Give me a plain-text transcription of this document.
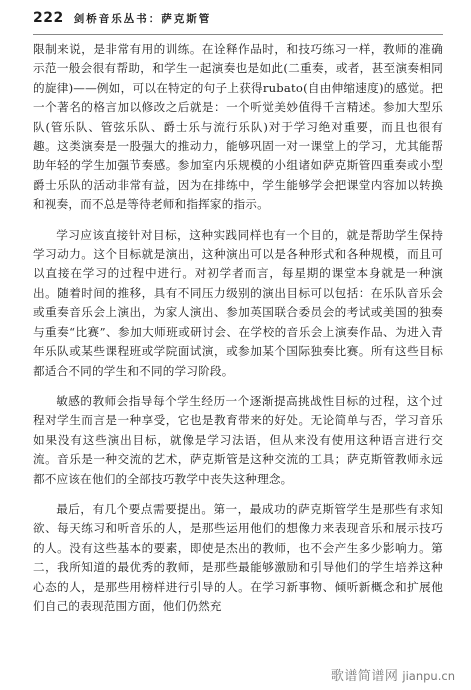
222 剑桥音乐丛书：萨克斯管

限制来说，是非常有用的训练。在诠释作品时，和技巧练习一样，教师的准确示范一般会很有帮助，和学生一起演奏也是如此(二重奏，或者，甚至演奏相同的旋律)——例如，可以在特定的句子上获得rubato(自由伸缩速度)的感觉。把一个著名的格言加以修改之后就是：一个听觉美妙值得千言精述。参加大型乐队(管乐队、管弦乐队、爵士乐与流行乐队)对于学习绝对重要，而且也很有趣。这类演奏是一股强大的推动力，能够巩固一对一课堂上的学习，尤其能帮助年轻的学生加强节奏感。参加室内乐规模的小组诸如萨克斯管四重奏或小型爵士乐队的活动非常有益，因为在排练中，学生能够学会把课堂内容加以转换和视奏，而不总是等待老师和指挥家的指示。

学习应该直接针对目标，这种实践同样也有一个目的，就是帮助学生保持学习动力。这个目标就是演出，这种演出可以是各种形式和各种规模，而且可以直接在学习的过程中进行。对初学者而言，每星期的课堂本身就是一种演出。随着时间的推移，具有不同压力级别的演出目标可以包括：在乐队音乐会或重奏音乐会上演出，为家人演出、参加英国联合委员会的考试或美国的独奏与重奏“比赛”、参加大师班或研讨会、在学校的音乐会上演奏作品、为进入青年乐队或某些课程班或学院面试演，或参加某个国际独奏比赛。所有这些目标都适合不同的学生和不同的学习阶段。

敏感的教师会指导每个学生经历一个逐渐提高挑战性目标的过程，这个过程对学生而言是一种享受，它也是教育带来的好处。无论简单与否，学习音乐如果没有这些演出目标，就像是学习法语，但从来没有使用这种语言进行交流。音乐是一种交流的艺术，萨克斯管是这种交流的工具；萨克斯管教师永远都不应该在他们的全部技巧教学中丧失这种理念。

最后，有几个要点需要提出。第一，最成功的萨克斯管学生是那些有求知欲、每天练习和听音乐的人，是那些运用他们的想像力来表现音乐和展示技巧的人。没有这些基本的要素，即使是杰出的教师，也不会产生多少影响力。第二，我所知道的最优秀的教师，是那些最能够激励和引导他们的学生培养这种心态的人，是那些用榜样进行引导的人。在学习新事物、倾听新概念和扩展他们自己的表现范围方面，他们仍然充

歌谱简谱网 jianpu.cn
